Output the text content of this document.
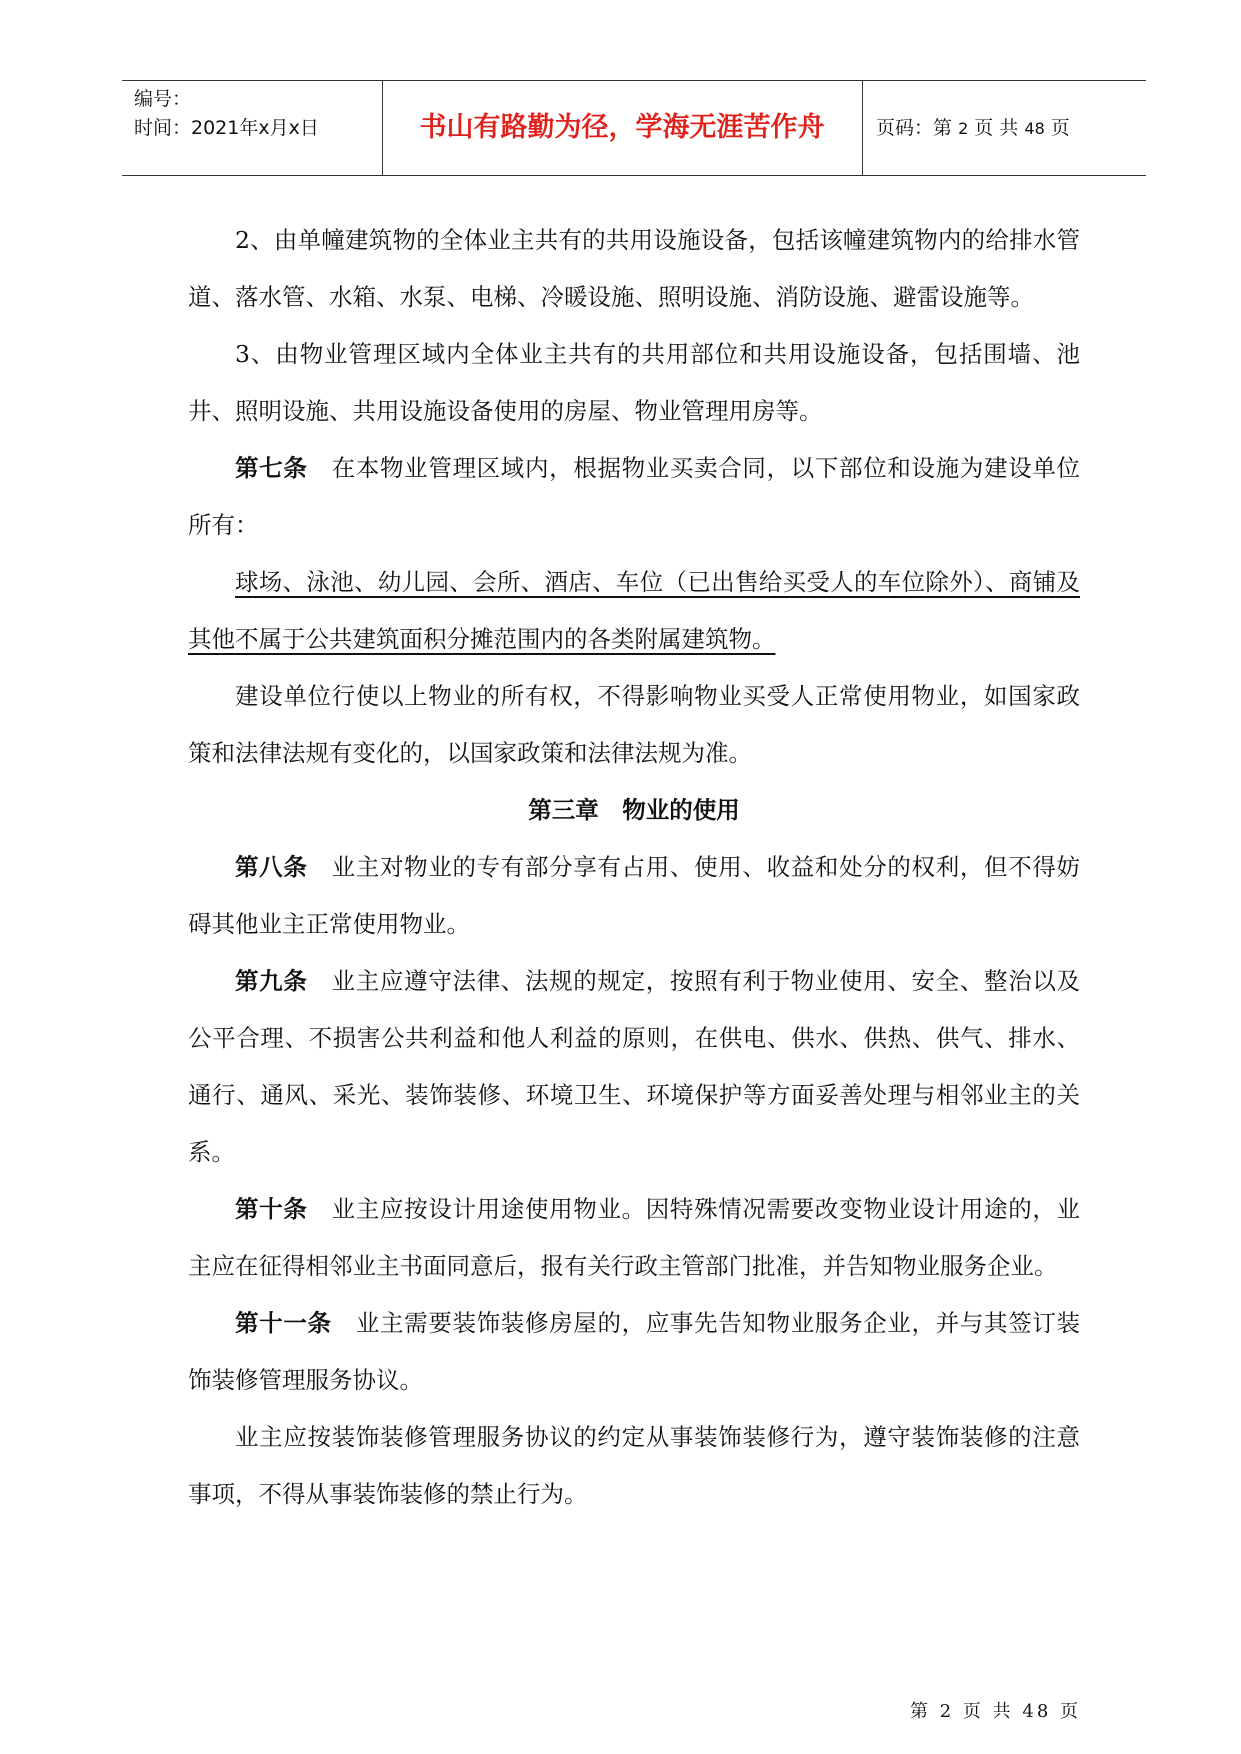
编号：
时间：2021年x月x日	书山有路勤为径，学海无涯苦作舟	页码：第 2 页 共 48 页

2、由单幢建筑物的全体业主共有的共用设施设备，包括该幢建筑物内的给排水管道、落水管、水箱、水泵、电梯、冷暖设施、照明设施、消防设施、避雷设施等。

3、由物业管理区域内全体业主共有的共用部位和共用设施设备，包括围墙、池井、照明设施、共用设施设备使用的房屋、物业管理用房等。

第七条　 在本物业管理区域内，根据物业买卖合同，以下部位和设施为建设单位所有：

球场、泳池、幼儿园、会所、酒店、车位（已出售给买受人的车位除外）、商铺及其他不属于公共建筑面积分摊范围内的各类附属建筑物。

建设单位行使以上物业的所有权，不得影响物业买受人正常使用物业，如国家政策和法律法规有变化的，以国家政策和法律法规为准。

第三章　物业的使用

第八条　 业主对物业的专有部分享有占用、使用、收益和处分的权利，但不得妨碍其他业主正常使用物业。

第九条　 业主应遵守法律、法规的规定，按照有利于物业使用、安全、整治以及公平合理、不损害公共利益和他人利益的原则，在供电、供水、供热、供气、排水、通行、通风、采光、装饰装修、环境卫生、环境保护等方面妥善处理与相邻业主的关系。

第十条　 业主应按设计用途使用物业。因特殊情况需要改变物业设计用途的，业主应在征得相邻业主书面同意后，报有关行政主管部门批准，并告知物业服务企业。

第十一条　 业主需要装饰装修房屋的，应事先告知物业服务企业，并与其签订装饰装修管理服务协议。

业主应按装饰装修管理服务协议的约定从事装饰装修行为，遵守装饰装修的注意事项，不得从事装饰装修的禁止行为。

第 2 页 共 48 页
